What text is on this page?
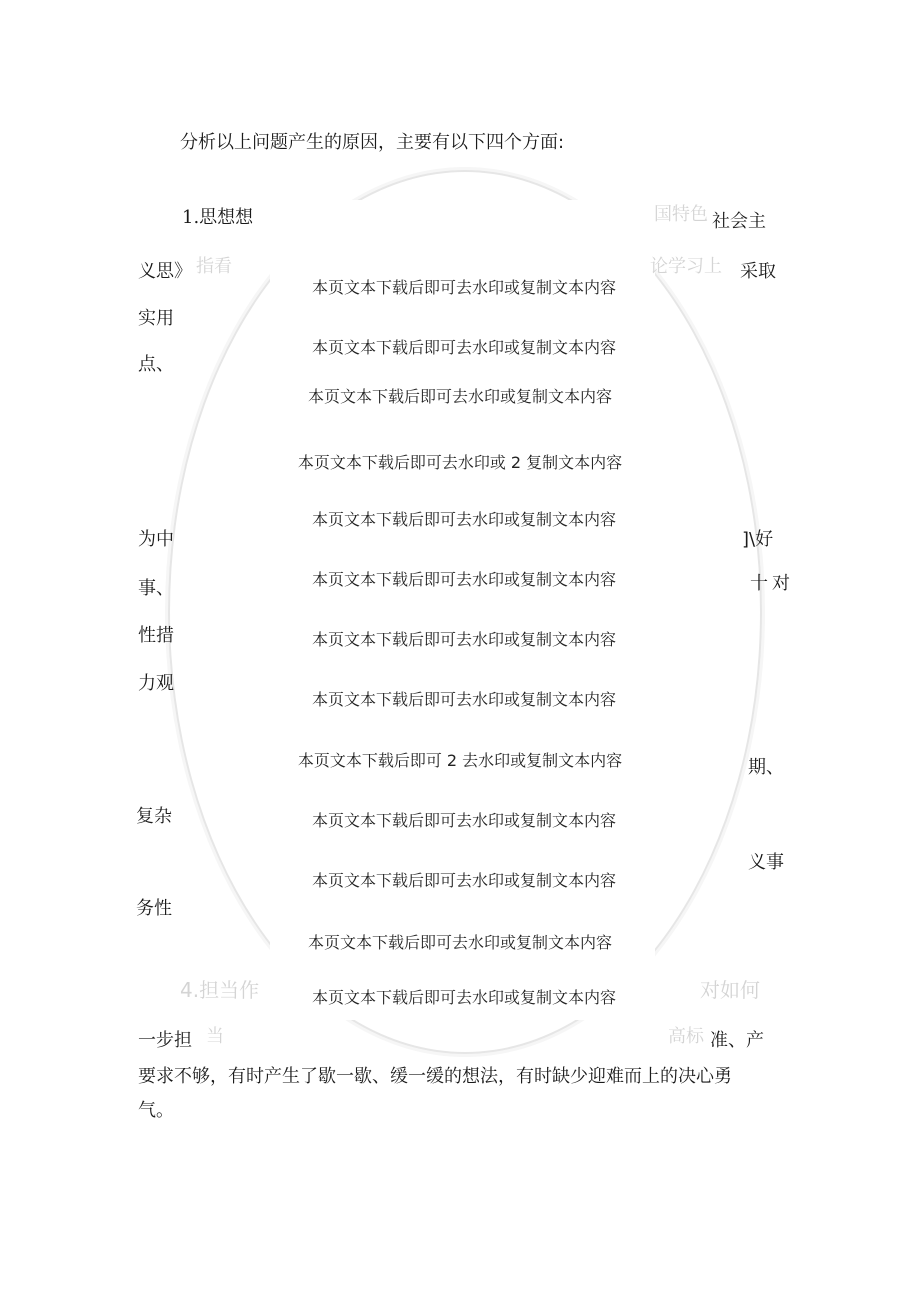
分析以上问题产生的原因，主要有以下四个方面:
1.思想想	国特色 社会主
义思》 指看	论学习上 采取
实用
点、
为中
事、
性措
力观
]\好
十对
期、
复杂
义事
务性
4.担当作	对如何
一步担 当	高标 准、产
要求不够，有时产生了歇一歇、缓一缓的想法，有时缺少迎难而上的决心勇
气。
本页文本下载后即可去水印或复制文本内容
本页文本下载后即可去水印或复制文本内容
本页文本下载后即可去水印或复制文本内容
本页文本下载后即可去水印或 2 复制文本内容
本页文本下载后即可去水印或复制文本内容
本页文本下载后即可去水印或复制文本内容
本页文本下载后即可去水印或复制文本内容
本页文本下载后即可去水印或复制文本内容
本页文本下载后即可 2 去水印或复制文本内容
本页文本下载后即可去水印或复制文本内容
本页文本下载后即可去水印或复制文本内容
本页文本下载后即可去水印或复制文本内容
本页文本下载后即可去水印或复制文本内容
